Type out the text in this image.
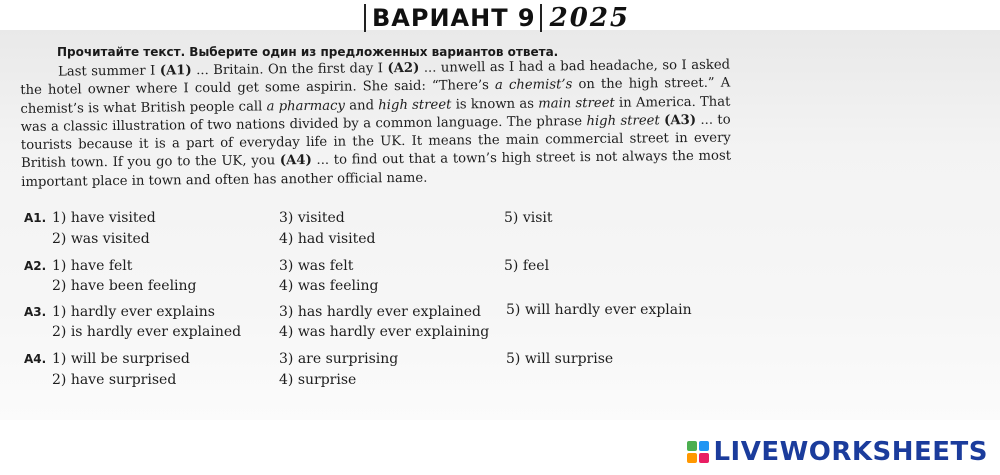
ВАРИАНТ 9 2025
Прочитайте текст. Выберите один из предложенных вариантов ответа.

Last summer I (A1) ... Britain. On the first day I (A2) ... unwell as I had a bad headache, so I asked the hotel owner where I could get some aspirin. She said: “There’s a chemist’s on the high street.” A chemist’s is what British people call a pharmacy and high street is known as main street in America. That was a classic illustration of two nations divided by a common language. The phrase high street (A3) ... to tourists because it is a part of everyday life in the UK. It means the main commercial street in every British town. If you go to the UK, you (A4) ... to find out that a town’s high street is not always the most important place in town and often has another official name.

A1. 1) have visited
2) was visited
3) visited
4) had visited
5) visit
A2. 1) have felt
2) have been feeling
3) was felt
4) was feeling
5) feel
A3. 1) hardly ever explains
2) is hardly ever explained
3) has hardly ever explained
4) was hardly ever explaining
5) will hardly ever explain
A4. 1) will be surprised
2) have surprised
3) are surprising
4) surprise
5) will surprise
LIVEWORKSHEETS
